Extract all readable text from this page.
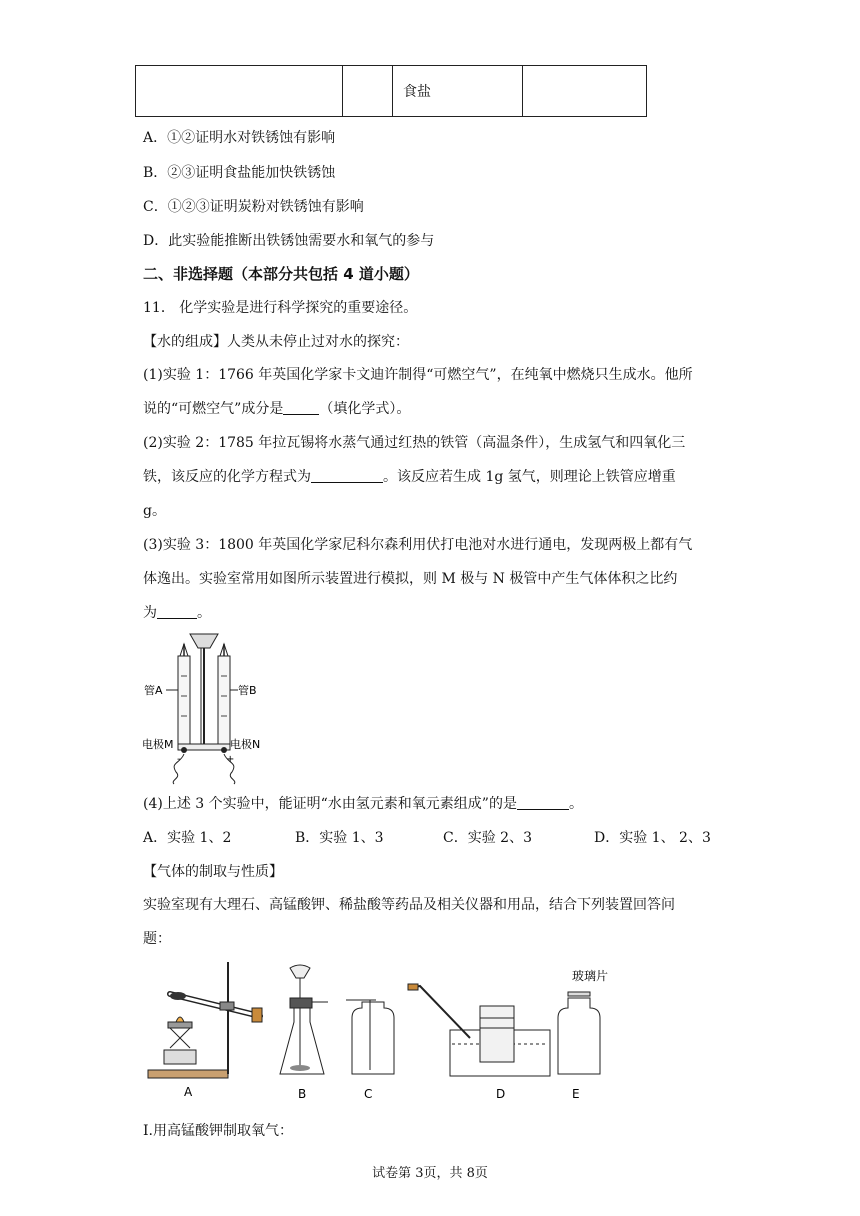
		食盐	
A．①②证明水对铁锈蚀有影响
B．②③证明食盐能加快铁锈蚀
C．①②③证明炭粉对铁锈蚀有影响
D．此实验能推断出铁锈蚀需要水和氧气的参与
二、非选择题（本部分共包括 4 道小题）
11． 化学实验是进行科学探究的重要途径。
【水的组成】人类从未停止过对水的探究：
(1)实验 1：1766 年英国化学家卡文迪许制得“可燃空气”，在纯氧中燃烧只生成水。他所
说的“可燃空气”成分是	（填化学式）。
(2)实验 2：1785 年拉瓦锡将水蒸气通过红热的铁管（高温条件），生成氢气和四氧化三
铁，该反应的化学方程式为	。该反应若生成 1g 氢气，则理论上铁管应增重
g。
(3)实验 3：1800 年英国化学家尼科尔森利用伏打电池对水进行通电，发现两极上都有气
体逸出。实验室常用如图所示装置进行模拟，则 M 极与 N 极管中产生气体体积之比约
为	。
管A	管B
电极M	电极N
-	+
(4)上述 3 个实验中，能证明“水由氢元素和氧元素组成”的是	。
A．实验 1、2	B．实验 1、3	C．实验 2、3	D．实验 1、 2、3
【气体的制取与性质】
实验室现有大理石、高锰酸钾、稀盐酸等药品及相关仪器和用品，结合下列装置回答问
题：
A	B	C	D
玻璃片
E
I.用高锰酸钾制取氧气：
试卷第 3页，共 8页
